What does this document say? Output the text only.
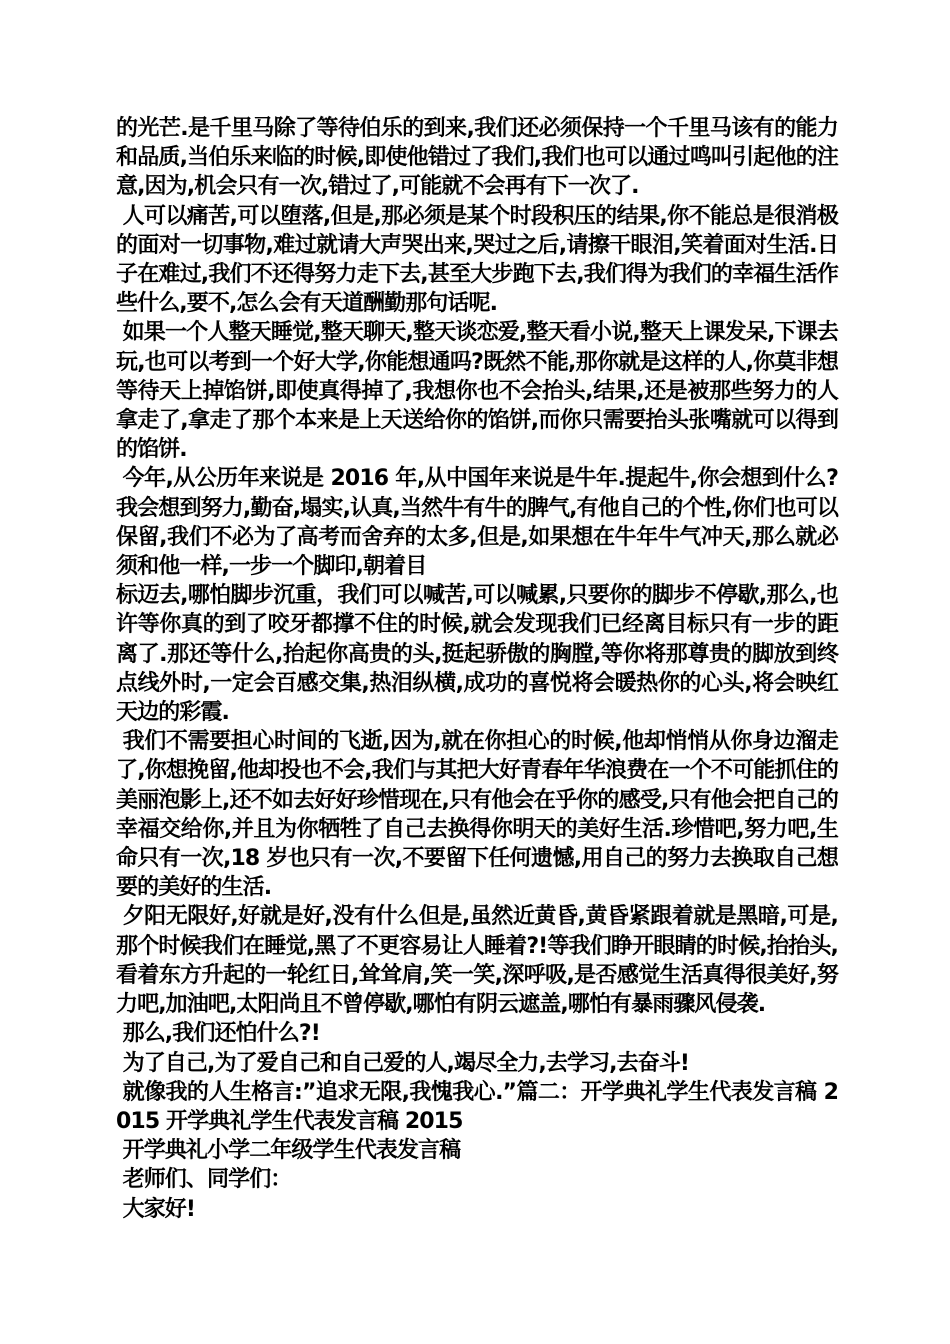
的光芒.是千里马除了等待伯乐的到来,我们还必须保持一个千里马该有的能力和品质,当伯乐来临的时候,即使他错过了我们,我们也可以通过鸣叫引起他的注意,因为,机会只有一次,错过了,可能就不会再有下一次了.

人可以痛苦,可以堕落,但是,那必须是某个时段积压的结果,你不能总是很消极的面对一切事物,难过就请大声哭出来,哭过之后,请擦干眼泪,笑着面对生活.日子在难过,我们不还得努力走下去,甚至大步跑下去,我们得为我们的幸福生活作些什么,要不,怎么会有天道酬勤那句话呢.

如果一个人整天睡觉,整天聊天,整天谈恋爱,整天看小说,整天上课发呆,下课去玩,也可以考到一个好大学,你能想通吗?既然不能,那你就是这样的人,你莫非想等待天上掉馅饼,即使真得掉了,我想你也不会抬头,结果,还是被那些努力的人拿走了,拿走了那个本来是上天送给你的馅饼,而你只需要抬头张嘴就可以得到的馅饼.

今年,从公历年来说是 2016 年,从中国年来说是牛年.提起牛,你会想到什么?我会想到努力,勤奋,塌实,认真,当然牛有牛的脾气,有他自己的个性,你们也可以保留,我们不必为了高考而舍弃的太多,但是,如果想在牛年牛气冲天,那么就必须和他一样,一步一个脚印,朝着目

标迈去,哪怕脚步沉重，我们可以喊苦,可以喊累,只要你的脚步不停歇,那么,也许等你真的到了咬牙都撑不住的时候,就会发现我们已经离目标只有一步的距离了.那还等什么,抬起你高贵的头,挺起骄傲的胸膛,等你将那尊贵的脚放到终点线外时,一定会百感交集,热泪纵横,成功的喜悦将会暖热你的心头,将会映红天边的彩霞.

我们不需要担心时间的飞逝,因为,就在你担心的时候,他却悄悄从你身边溜走了,你想挽留,他却投也不会,我们与其把大好青春年华浪费在一个不可能抓住的美丽泡影上,还不如去好好珍惜现在,只有他会在乎你的感受,只有他会把自己的幸福交给你,并且为你牺牲了自己去换得你明天的美好生活.珍惜吧,努力吧,生命只有一次,18 岁也只有一次,不要留下任何遗憾,用自己的努力去换取自己想要的美好的生活.

夕阳无限好,好就是好,没有什么但是,虽然近黄昏,黄昏紧跟着就是黑暗,可是,那个时候我们在睡觉,黑了不更容易让人睡着?!等我们睁开眼睛的时候,抬抬头,看着东方升起的一轮红日,耸耸肩,笑一笑,深呼吸,是否感觉生活真得很美好,努力吧,加油吧,太阳尚且不曾停歇,哪怕有阴云遮盖,哪怕有暴雨骤风侵袭.

那么,我们还怕什么?!

为了自己,为了爱自己和自己爱的人,竭尽全力,去学习,去奋斗!

就像我的人生格言:”追求无限,我愧我心.”篇二：开学典礼学生代表发言稿 2015 开学典礼学生代表发言稿 2015

开学典礼小学二年级学生代表发言稿

老师们、同学们：

大家好!
